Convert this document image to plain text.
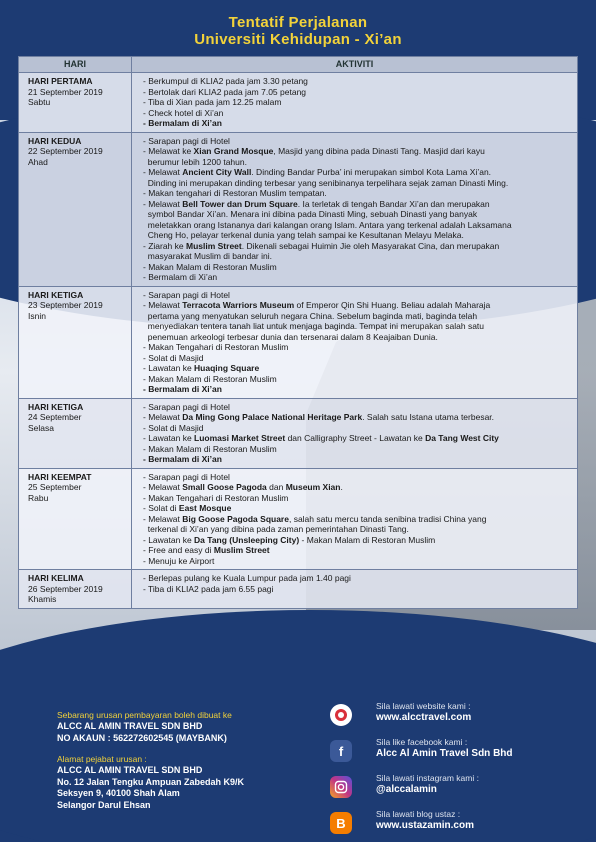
Tentatif Perjalanan
Universiti Kehidupan - Xi’an
HARI	AKTIVITI
HARI PERTAMA
21 September 2019
Sabtu
- Berkumpul di KLIA2 pada jam 3.30 petang
- Bertolak dari KLIA2 pada jam 7.05 petang
- Tiba di Xian pada jam 12.25 malam
- Check hotel di Xi’an
- Bermalam di Xi’an
HARI KEDUA
22 September 2019
Ahad
- Sarapan pagi di Hotel
- Melawat ke Xian Grand Mosque, Masjid yang dibina pada Dinasti Tang. Masjid dari kayu
berumur lebih 1200 tahun.
- Melawat Ancient City Wall. Dinding Bandar Purba’ ini merupakan simbol Kota Lama Xi’an.
Dinding ini merupakan dinding terbesar yang senibinanya terpelihara sejak zaman Dinasti Ming.
- Makan tengahari di Restoran Muslim tempatan.
- Melawat Bell Tower dan Drum Square. Ia terletak di tengah Bandar Xi’an dan merupakan
symbol Bandar Xi’an. Menara ini dibina pada Dinasti Ming, sebuah Dinasti yang banyak
meletakkan orang Istananya dari kalangan orang Islam. Antara yang terkenal adalah Laksamana
Cheng Ho, pelayar terkenal dunia yang telah sampai ke Kesultanan Melayu Melaka.
- Ziarah ke Muslim Street. Dikenali sebagai Huimin Jie oleh Masyarakat Cina, dan merupakan
masyarakat Muslim di bandar ini.
- Makan Malam di Restoran Muslim
- Bermalam di Xi’an
HARI KETIGA
23 September 2019
Isnin
- Sarapan pagi di Hotel
- Melawat Terracota Warriors Museum of Emperor Qin Shi Huang. Beliau adalah Maharaja
pertama yang menyatukan seluruh negara China. Sebelum baginda mati, baginda telah
menyediakan tentera tanah liat untuk menjaga baginda. Tempat ini merupakan salah satu
penemuan arkeologi terbesar dunia dan tersenarai dalam 8 Keajaiban Dunia.
- Makan Tengahari di Restoran Muslim
- Solat di Masjid
- Lawatan ke Huaqing Square
- Makan Malam di Restoran Muslim
- Bermalam di Xi’an
HARI KETIGA
24 September
Selasa
- Sarapan pagi di Hotel
- Melawat Da Ming Gong Palace National Heritage Park. Salah satu Istana utama terbesar.
- Solat di Masjid
- Lawatan ke Luomasi Market Street dan Calligraphy Street - Lawatan ke Da Tang West City
- Makan Malam di Restoran Muslim
- Bermalam di Xi’an
HARI KEEMPAT
25 September
Rabu
- Sarapan pagi di Hotel
- Melawat Small Goose Pagoda dan Museum Xian.
- Makan Tengahari di Restoran Muslim
- Solat di East Mosque
- Melawat Big Goose Pagoda Square, salah satu mercu tanda senibina tradisi China yang
terkenal di Xi’an yang dibina pada zaman pemerintahan Dinasti Tang.
- Lawatan ke Da Tang (Unsleeping City) - Makan Malam di Restoran Muslim
- Free and easy di Muslim Street
- Menuju ke Airport
HARI KELIMA
26 September 2019
Khamis
- Berlepas pulang ke Kuala Lumpur pada jam 1.40 pagi
- Tiba di KLIA2 pada jam 6.55 pagi
Sebarang urusan pembayaran boleh dibuat ke
ALCC AL AMIN TRAVEL SDN BHD
NO AKAUN : 562272602545 (MAYBANK)
Alamat pejabat urusan :
ALCC AL AMIN TRAVEL SDN BHD
No. 12 Jalan Tengku Ampuan Zabedah K9/K
Seksyen 9, 40100 Shah Alam
Selangor Darul Ehsan
Sila lawati website kami :
www.alcctravel.com
f
Sila like facebook kami :
Alcc Al Amin Travel Sdn Bhd
Sila lawati instagram kami :
@alccalamin
B
Sila lawati blog ustaz :
www.ustazamin.com
